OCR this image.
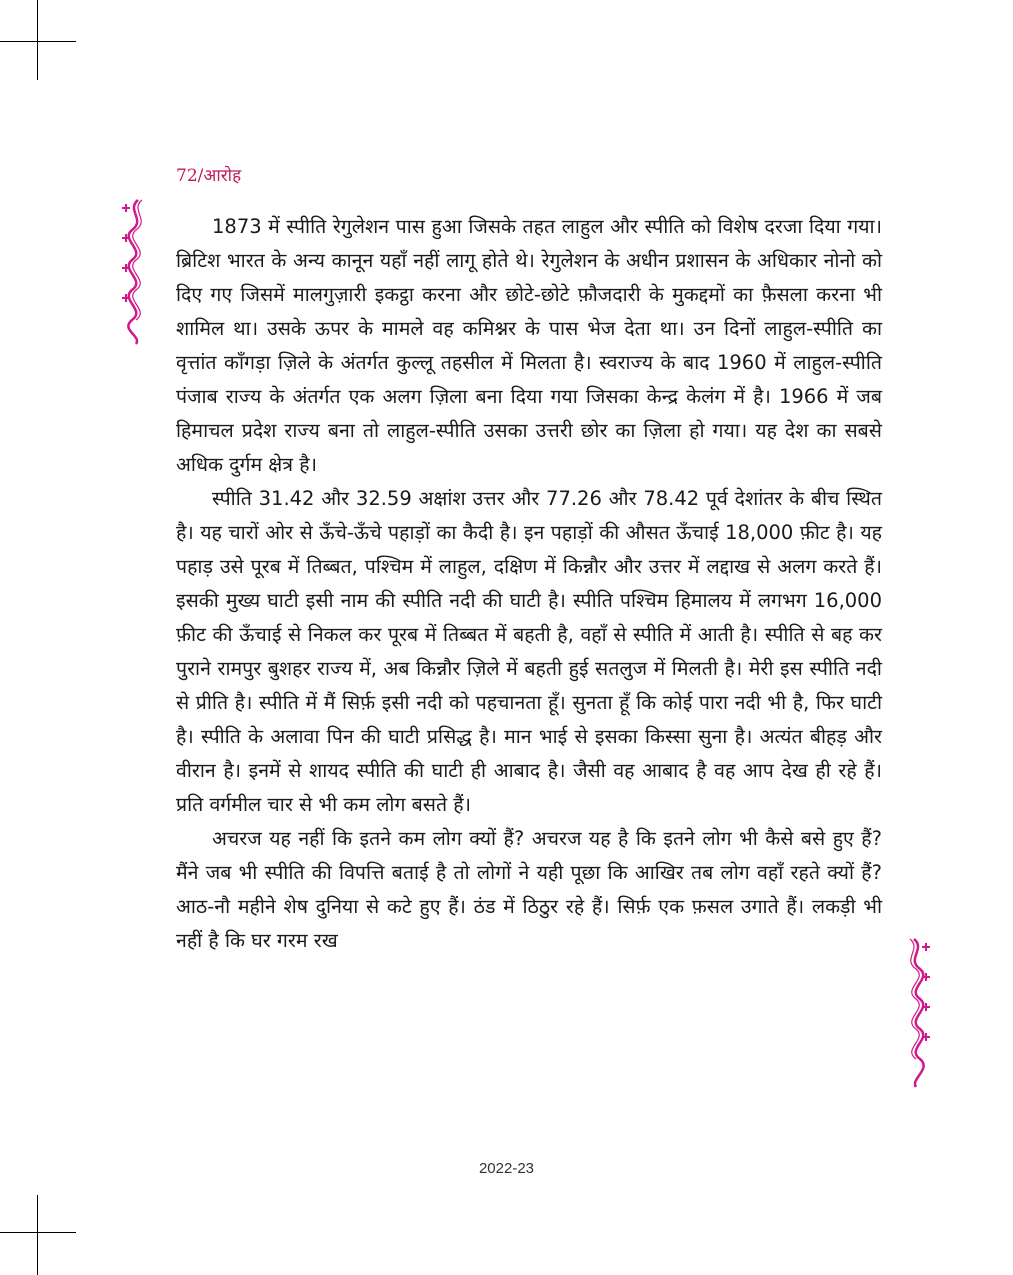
72/आरोह

1873 में स्पीति रेगुलेशन पास हुआ जिसके तहत लाहुल और स्पीति को विशेष दरजा दिया गया। ब्रिटिश भारत के अन्य कानून यहाँ नहीं लागू होते थे। रेगुलेशन के अधीन प्रशासन के अधिकार नोनो को दिए गए जिसमें मालगुज़ारी इकट्ठा करना और छोटे-छोटे फ़ौजदारी के मुकद्दमों का फ़ैसला करना भी शामिल था। उसके ऊपर के मामले वह कमिश्नर के पास भेज देता था। उन दिनों लाहुल-स्पीति का वृत्तांत काँगड़ा ज़िले के अंतर्गत कुल्लू तहसील में मिलता है। स्वराज्य के बाद 1960 में लाहुल-स्पीति पंजाब राज्य के अंतर्गत एक अलग ज़िला बना दिया गया जिसका केन्द्र केलंग में है। 1966 में जब हिमाचल प्रदेश राज्य बना तो लाहुल-स्पीति उसका उत्तरी छोर का ज़िला हो गया। यह देश का सबसे अधिक दुर्गम क्षेत्र है।

स्पीति 31.42 और 32.59 अक्षांश उत्तर और 77.26 और 78.42 पूर्व देशांतर के बीच स्थित है। यह चारों ओर से ऊँचे-ऊँचे पहाड़ों का कैदी है। इन पहाड़ों की औसत ऊँचाई 18,000 फ़ीट है। यह पहाड़ उसे पूरब में तिब्बत, पश्चिम में लाहुल, दक्षिण में किन्नौर और उत्तर में लद्दाख से अलग करते हैं। इसकी मुख्य घाटी इसी नाम की स्पीति नदी की घाटी है। स्पीति पश्चिम हिमालय में लगभग 16,000 फ़ीट की ऊँचाई से निकल कर पूरब में तिब्बत में बहती है, वहाँ से स्पीति में आती है। स्पीति से बह कर पुराने रामपुर बुशहर राज्य में, अब किन्नौर ज़िले में बहती हुई सतलुज में मिलती है। मेरी इस स्पीति नदी से प्रीति है। स्पीति में मैं सिर्फ़ इसी नदी को पहचानता हूँ। सुनता हूँ कि कोई पारा नदी भी है, फिर घाटी है। स्पीति के अलावा पिन की घाटी प्रसिद्ध है। मान भाई से इसका किस्सा सुना है। अत्यंत बीहड़ और वीरान है। इनमें से शायद स्पीति की घाटी ही आबाद है। जैसी वह आबाद है वह आप देख ही रहे हैं। प्रति वर्गमील चार से भी कम लोग बसते हैं।

अचरज यह नहीं कि इतने कम लोग क्यों हैं? अचरज यह है कि इतने लोग भी कैसे बसे हुए हैं? मैंने जब भी स्पीति की विपत्ति बताई है तो लोगों ने यही पूछा कि आखिर तब लोग वहाँ रहते क्यों हैं? आठ-नौ महीने शेष दुनिया से कटे हुए हैं। ठंड में ठिठुर रहे हैं। सिर्फ़ एक फ़सल उगाते हैं। लकड़ी भी नहीं है कि घर गरम रख

2022-23
